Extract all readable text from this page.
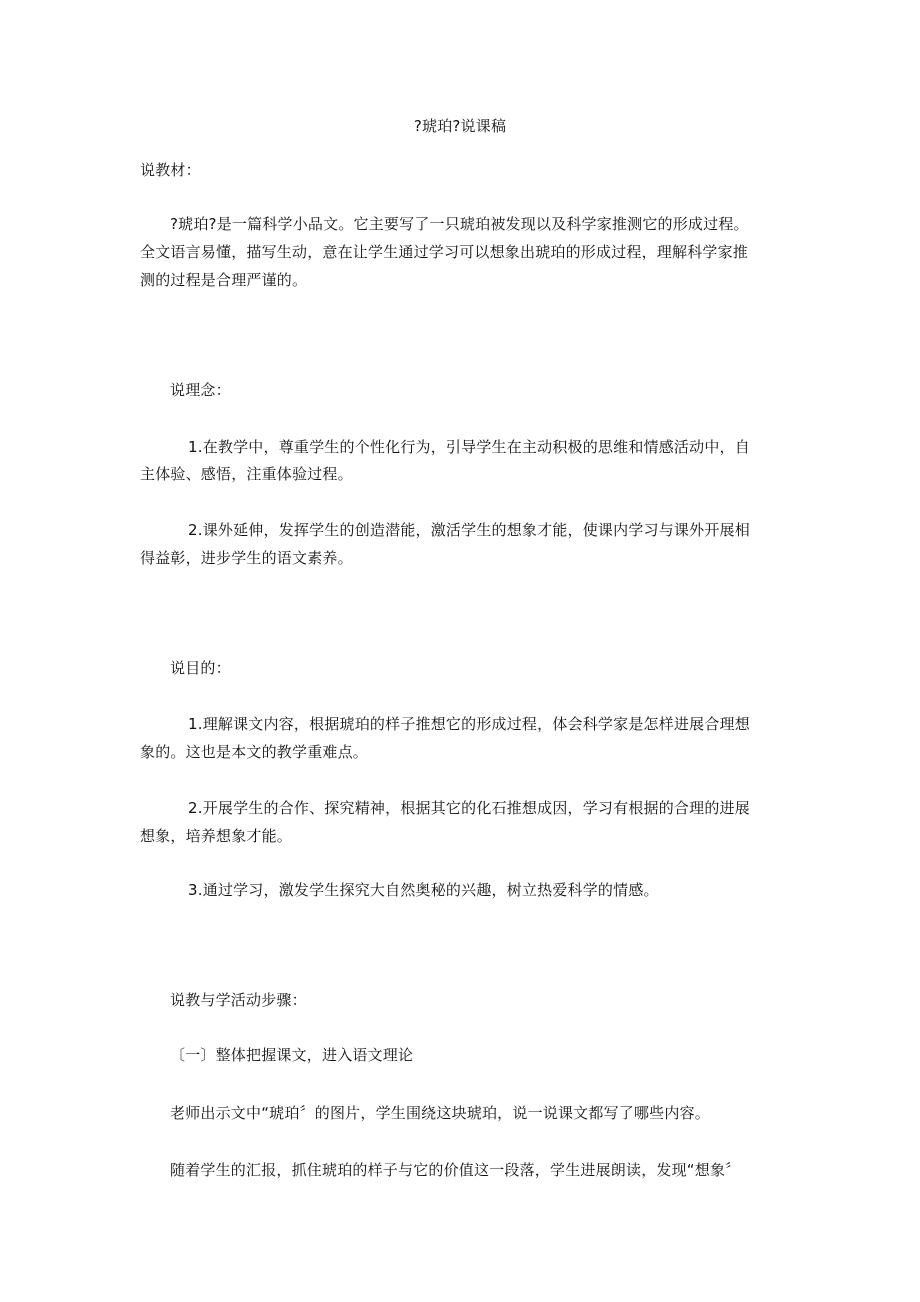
?琥珀?说课稿
说教材：
?琥珀?是一篇科学小品文。它主要写了一只琥珀被发现以及科学家推测它的形成过程。
全文语言易懂，描写生动，意在让学生通过学习可以想象出琥珀的形成过程，理解科学家推
测的过程是合理严谨的。
说理念：
1.在教学中，尊重学生的个性化行为，引导学生在主动积极的思维和情感活动中，自
主体验、感悟，注重体验过程。
2.课外延伸，发挥学生的创造潜能，激活学生的想象才能，使课内学习与课外开展相
得益彰，进步学生的语文素养。
说目的：
1.理解课文内容，根据琥珀的样子推想它的形成过程，体会科学家是怎样进展合理想
象的。这也是本文的教学重难点。
2.开展学生的合作、探究精神，根据其它的化石推想成因，学习有根据的合理的进展
想象，培养想象才能。
3.通过学习，激发学生探究大自然奥秘的兴趣，树立热爱科学的情感。
说教与学活动步骤：
〔一〕整体把握课文，进入语文理论
老师出示文中“琥珀〞的图片，学生围绕这块琥珀，说一说课文都写了哪些内容。
随着学生的汇报，抓住琥珀的样子与它的价值这一段落，学生进展朗读，发现“想象〞
